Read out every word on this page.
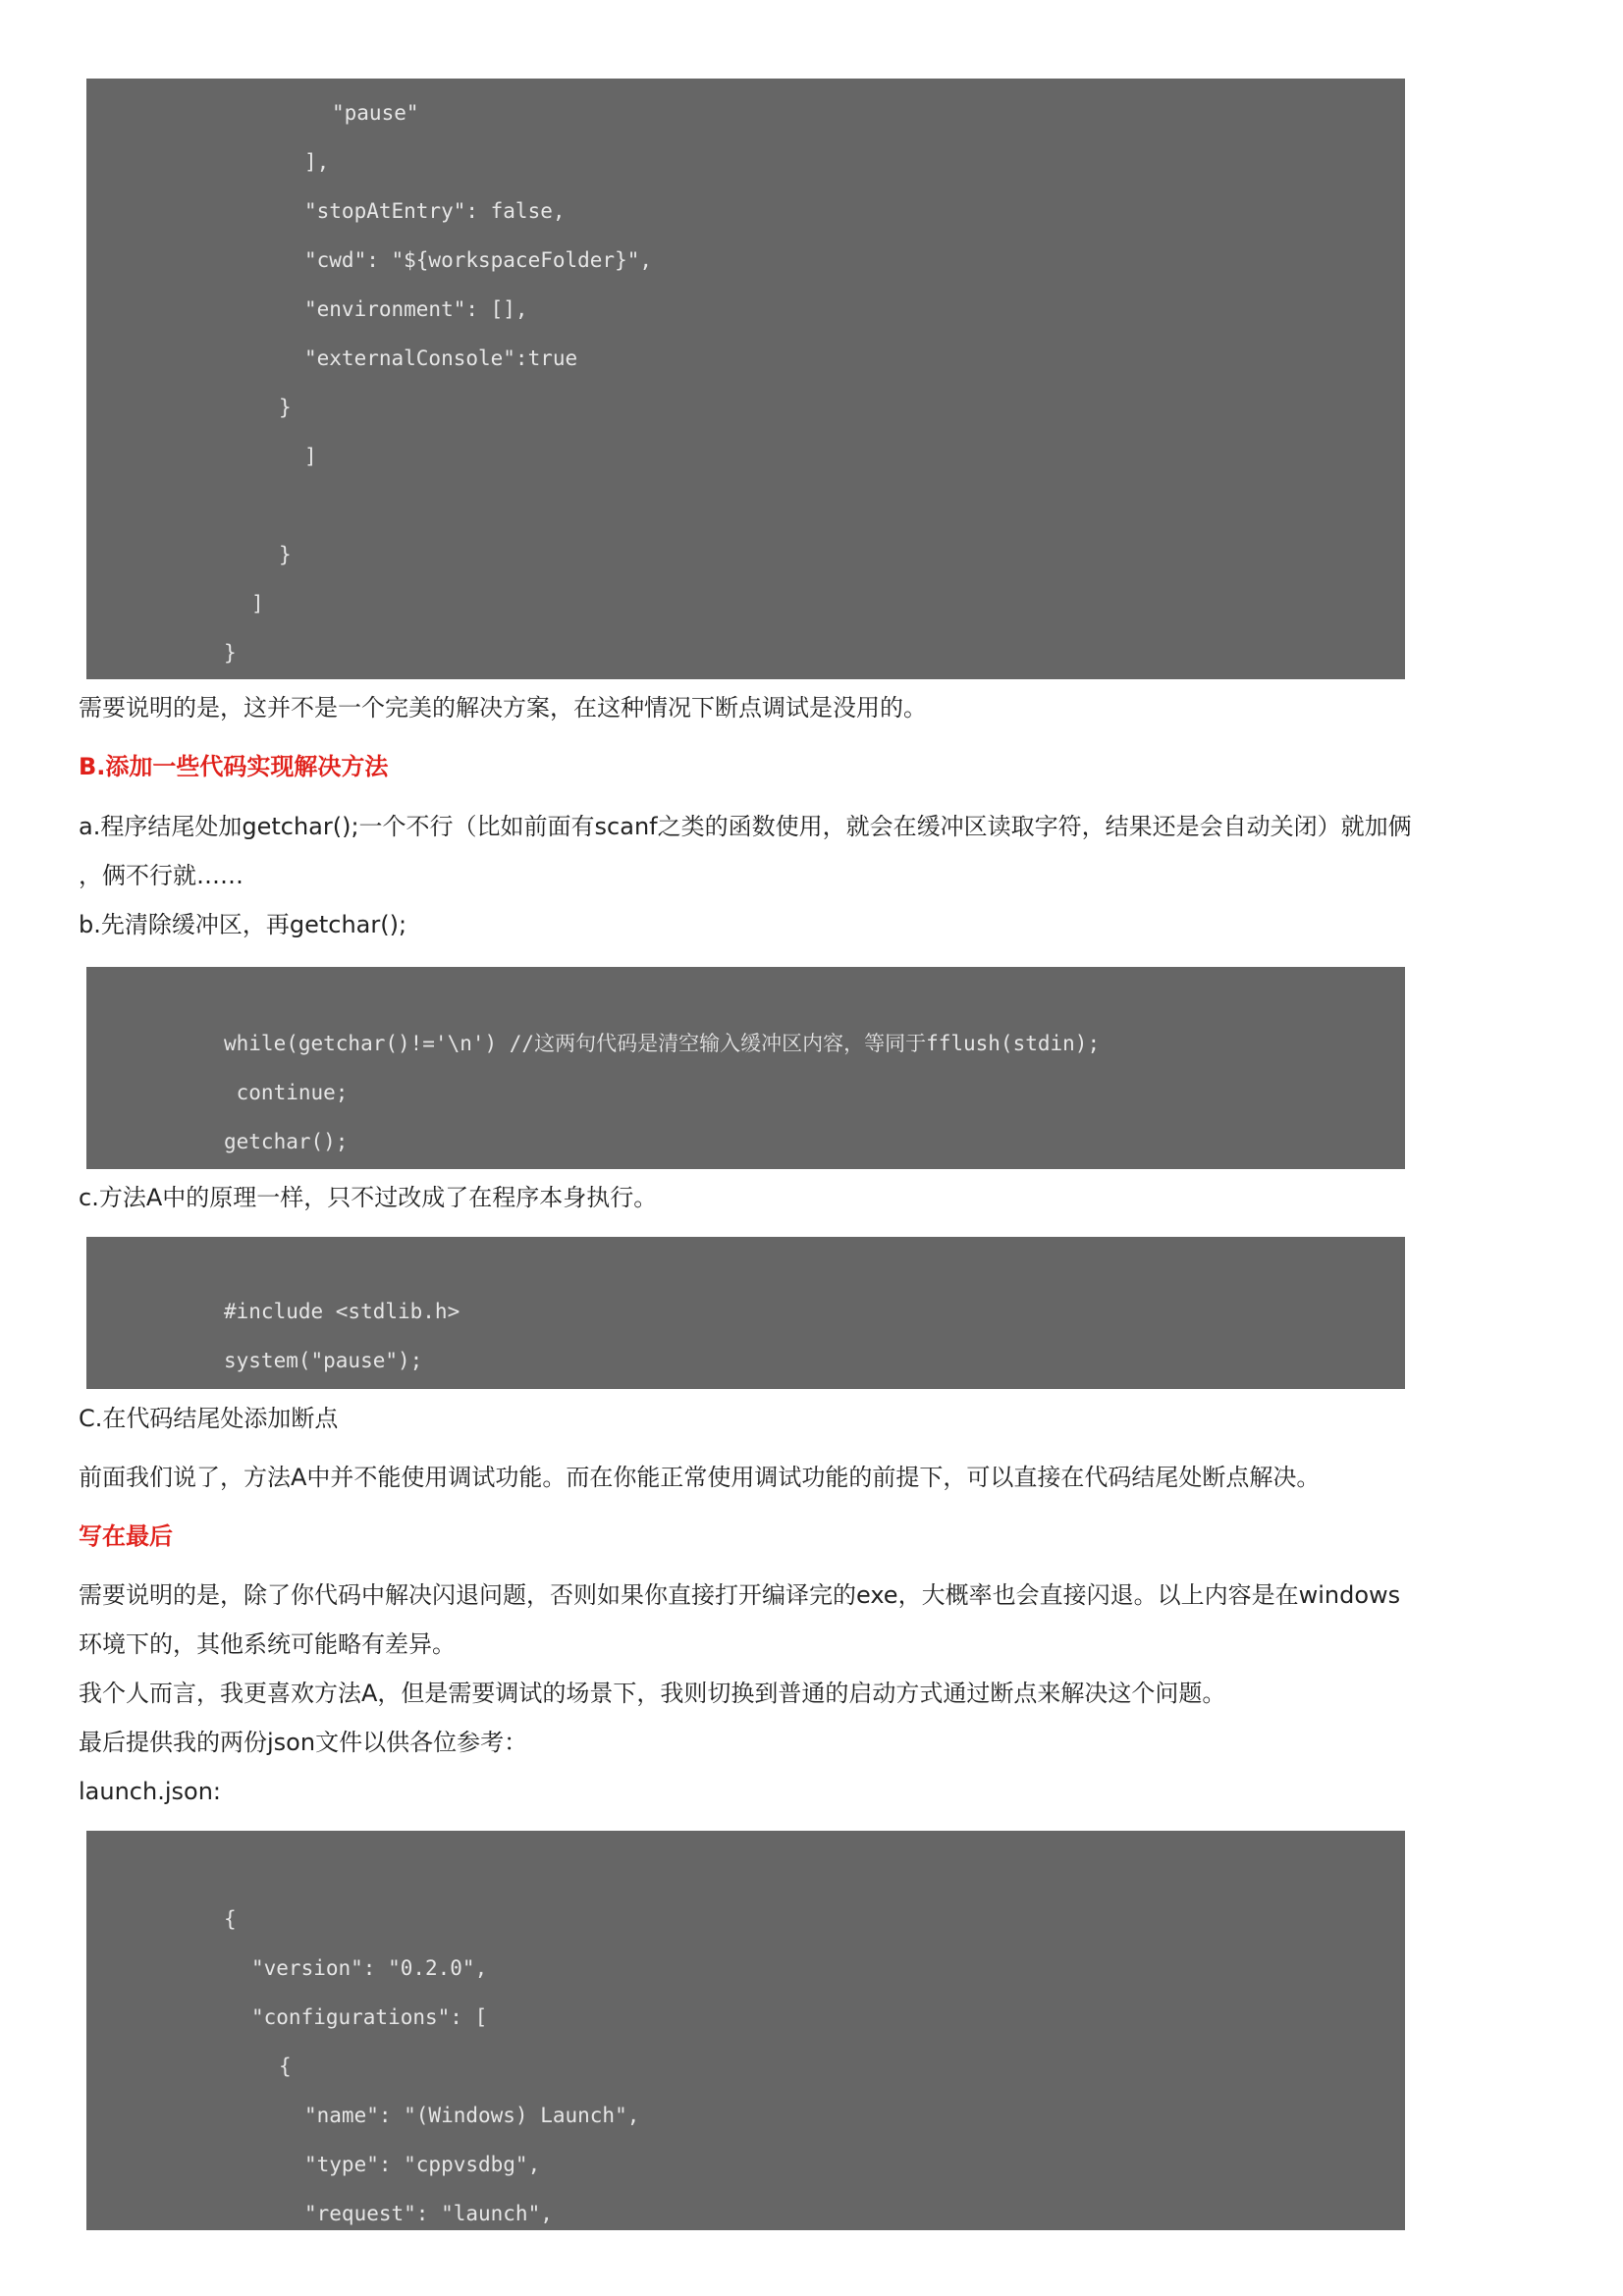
"pause"
],
"stopAtEntry": false,
"cwd": "${workspaceFolder}",
"environment": [],
"externalConsole":true
}
]
}
]
}
需要说明的是，这并不是一个完美的解决方案，在这种情况下断点调试是没用的。
B.添加一些代码实现解决方法
a.程序结尾处加getchar();一个不行（比如前面有scanf之类的函数使用，就会在缓冲区读取字符，结果还是会自动关闭）就加俩
，俩不行就……
b.先清除缓冲区，再getchar();
while(getchar()!='\n') //这两句代码是清空输入缓冲区内容，等同于fflush(stdin);
continue;
getchar();
c.方法A中的原理一样，只不过改成了在程序本身执行。
#include <stdlib.h>
system("pause");
C.在代码结尾处添加断点
前面我们说了，方法A中并不能使用调试功能。而在你能正常使用调试功能的前提下，可以直接在代码结尾处断点解决。
写在最后
需要说明的是，除了你代码中解决闪退问题，否则如果你直接打开编译完的exe，大概率也会直接闪退。以上内容是在windows
环境下的，其他系统可能略有差异。
我个人而言，我更喜欢方法A，但是需要调试的场景下，我则切换到普通的启动方式通过断点来解决这个问题。
最后提供我的两份json文件以供各位参考：
launch.json:
{
"version": "0.2.0",
"configurations": [
{
"name": "(Windows) Launch",
"type": "cppvsdbg",
"request": "launch",
